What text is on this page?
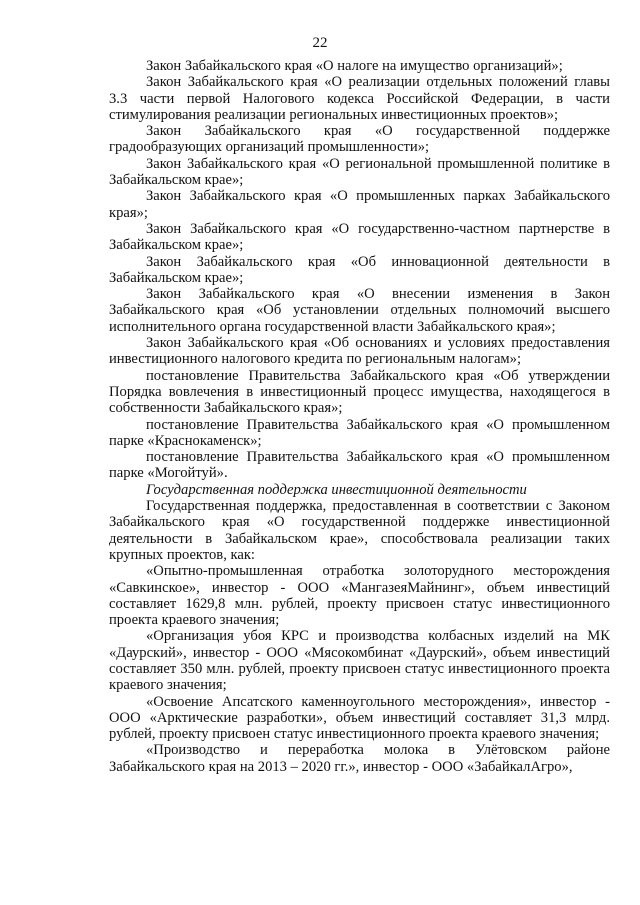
22

Закон Забайкальского края «О налоге на имущество организаций»;

Закон Забайкальского края «О реализации отдельных положений главы 3.3 части первой Налогового кодекса Российской Федерации, в части стимулирования реализации региональных инвестиционных проектов»;

Закон Забайкальского края «О государственной поддержке градообразующих организаций промышленности»;

Закон Забайкальского края «О региональной промышленной политике в Забайкальском крае»;

Закон Забайкальского края «О промышленных парках Забайкальского края»;

Закон Забайкальского края «О государственно-частном партнерстве в Забайкальском крае»;

Закон Забайкальского края «Об инновационной деятельности в Забайкальском крае»;

Закон Забайкальского края «О внесении изменения в Закон Забайкальского края «Об установлении отдельных полномочий высшего исполнительного органа государственной власти Забайкальского края»;

Закон Забайкальского края «Об основаниях и условиях предоставления инвестиционного налогового кредита по региональным налогам»;

постановление Правительства Забайкальского края «Об утверждении Порядка вовлечения в инвестиционный процесс имущества, находящегося в собственности Забайкальского края»;

постановление Правительства Забайкальского края «О промышленном парке «Краснокаменск»;

постановление Правительства Забайкальского края «О промышленном парке «Могойтуй».

Государственная поддержка инвестиционной деятельности

Государственная поддержка, предоставленная в соответствии с Законом Забайкальского края «О государственной поддержке инвестиционной деятельности в Забайкальском крае», способствовала реализации таких крупных проектов, как:

«Опытно-промышленная отработка золоторудного месторождения «Савкинское», инвестор - ООО «МангазеяМайнинг», объем инвестиций составляет 1629,8 млн. рублей, проекту присвоен статус инвестиционного проекта краевого значения;

«Организация убоя КРС и производства колбасных изделий на МК «Даурский», инвестор - ООО «Мясокомбинат «Даурский», объем инвестиций составляет 350 млн. рублей, проекту присвоен статус инвестиционного проекта краевого значения;

«Освоение Апсатского каменноугольного месторождения», инвестор - ООО «Арктические разработки», объем инвестиций составляет 31,3 млрд. рублей, проекту присвоен статус инвестиционного проекта краевого значения;

«Производство и переработка молока в Улётовском районе Забайкальского края на 2013 – 2020 гг.», инвестор - ООО «ЗабайкалАгро»,
